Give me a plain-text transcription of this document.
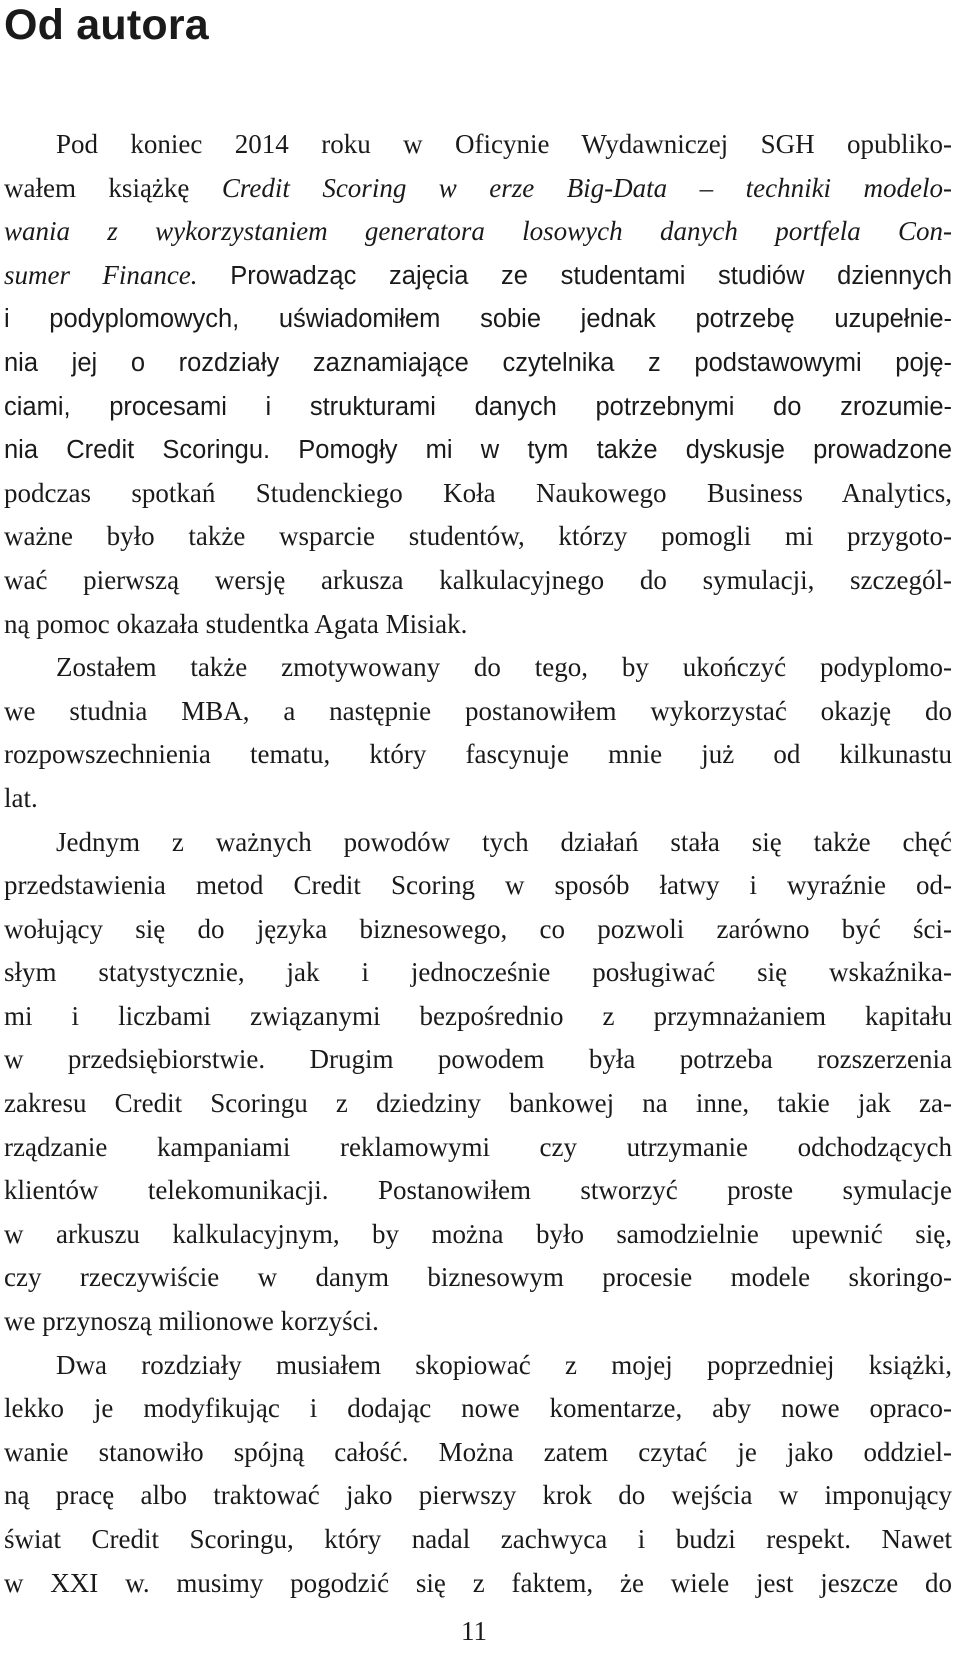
Od autora
Pod koniec 2014 roku w Oficynie Wydawniczej SGH opubliko-
wałem książkę Credit Scoring w erze Big-Data – techniki modelo-
wania z wykorzystaniem generatora losowych danych portfela Con-
sumer Finance. Prowadząc zajęcia ze studentami studiów dziennych
i podyplomowych, uświadomiłem sobie jednak potrzebę uzupełnie-
nia jej o rozdziały zaznamiające czytelnika z podstawowymi poję-
ciami, procesami i strukturami danych potrzebnymi do zrozumie-
nia Credit Scoringu. Pomogły mi w tym także dyskusje prowadzone
podczas spotkań Studenckiego Koła Naukowego Business Analytics,
ważne było także wsparcie studentów, którzy pomogli mi przygoto-
wać pierwszą wersję arkusza kalkulacyjnego do symulacji, szczegól-
ną pomoc okazała studentka Agata Misiak.
Zostałem także zmotywowany do tego, by ukończyć podyplomo-
we studnia MBA, a następnie postanowiłem wykorzystać okazję do
rozpowszechnienia tematu, który fascynuje mnie już od kilkunastu
lat.
Jednym z ważnych powodów tych działań stała się także chęć
przedstawienia metod Credit Scoring w sposób łatwy i wyraźnie od-
wołujący się do języka biznesowego, co pozwoli zarówno być ści-
słym statystycznie, jak i jednocześnie posługiwać się wskaźnika-
mi i liczbami związanymi bezpośrednio z przymnażaniem kapitału
w przedsiębiorstwie. Drugim powodem była potrzeba rozszerzenia
zakresu Credit Scoringu z dziedziny bankowej na inne, takie jak za-
rządzanie kampaniami reklamowymi czy utrzymanie odchodzących
klientów telekomunikacji. Postanowiłem stworzyć proste symulacje
w arkuszu kalkulacyjnym, by można było samodzielnie upewnić się,
czy rzeczywiście w danym biznesowym procesie modele skoringo-
we przynoszą milionowe korzyści.
Dwa rozdziały musiałem skopiować z mojej poprzedniej książki,
lekko je modyfikując i dodając nowe komentarze, aby nowe opraco-
wanie stanowiło spójną całość. Można zatem czytać je jako oddziel-
ną pracę albo traktować jako pierwszy krok do wejścia w imponujący
świat Credit Scoringu, który nadal zachwyca i budzi respekt. Nawet
w XXI w. musimy pogodzić się z faktem, że wiele jest jeszcze do
11
